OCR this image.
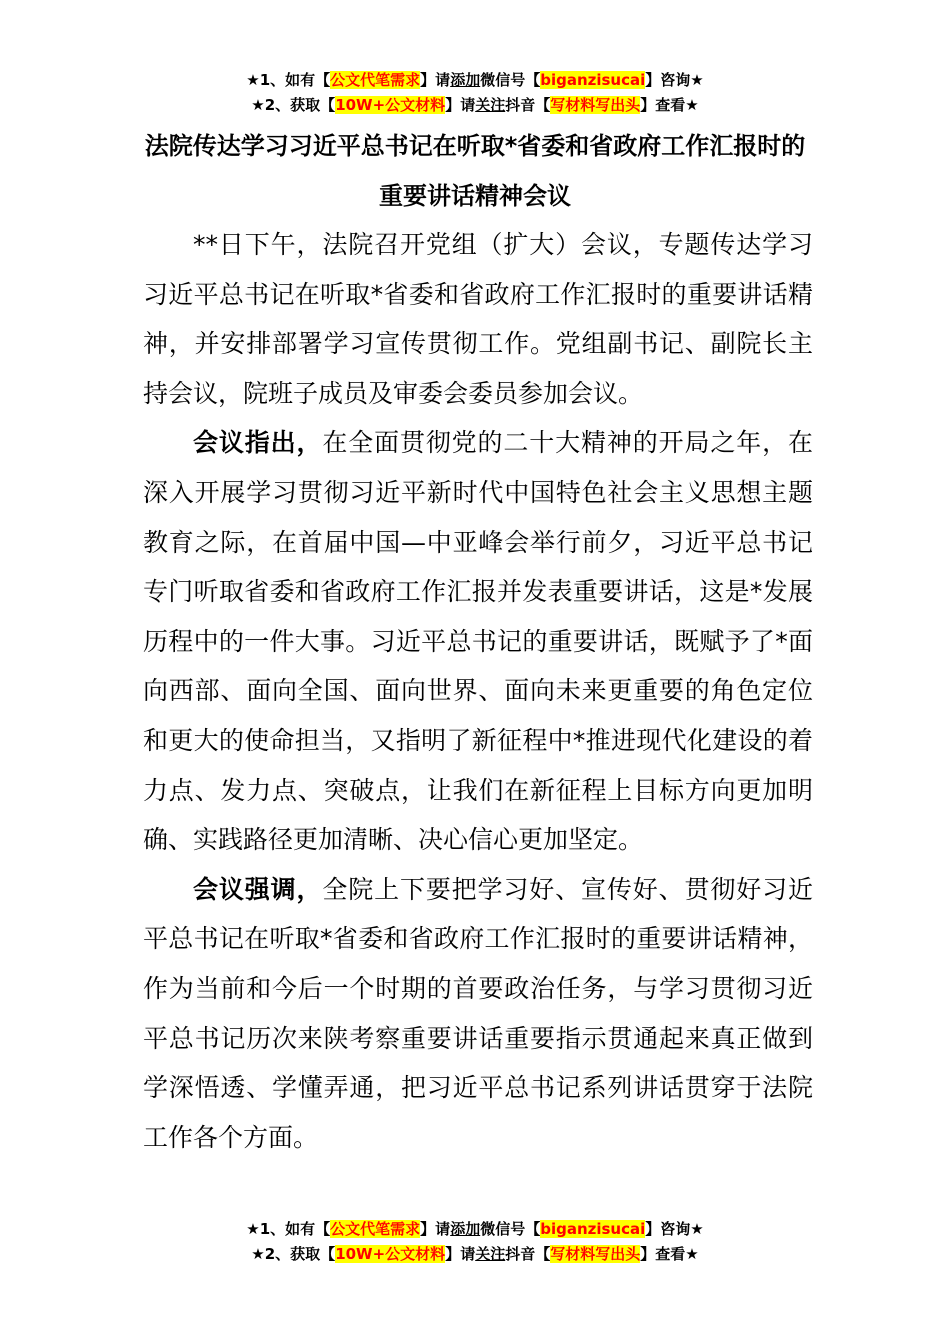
★1、如有【公文代笔需求】请添加微信号【biganzisucai】咨询★
★2、获取【10W+公文材料】请关注抖音【写材料写出头】查看★
法院传达学习习近平总书记在听取*省委和省政府工作汇报时的重要讲话精神会议

**日下午，法院召开党组（扩大）会议，专题传达学习习近平总书记在听取*省委和省政府工作汇报时的重要讲话精神，并安排部署学习宣传贯彻工作。党组副书记、副院长主持会议，院班子成员及审委会委员参加会议。

会议指出，在全面贯彻党的二十大精神的开局之年，在深入开展学习贯彻习近平新时代中国特色社会主义思想主题教育之际，在首届中国—中亚峰会举行前夕，习近平总书记专门听取省委和省政府工作汇报并发表重要讲话，这是*发展历程中的一件大事。习近平总书记的重要讲话，既赋予了*面向西部、面向全国、面向世界、面向未来更重要的角色定位和更大的使命担当，又指明了新征程中*推进现代化建设的着力点、发力点、突破点，让我们在新征程上目标方向更加明确、实践路径更加清晰、决心信心更加坚定。

会议强调，全院上下要把学习好、宣传好、贯彻好习近平总书记在听取*省委和省政府工作汇报时的重要讲话精神，作为当前和今后一个时期的首要政治任务，与学习贯彻习近平总书记历次来陕考察重要讲话重要指示贯通起来真正做到学深悟透、学懂弄通，把习近平总书记系列讲话贯穿于法院工作各个方面。

★1、如有【公文代笔需求】请添加微信号【biganzisucai】咨询★
★2、获取【10W+公文材料】请关注抖音【写材料写出头】查看★
